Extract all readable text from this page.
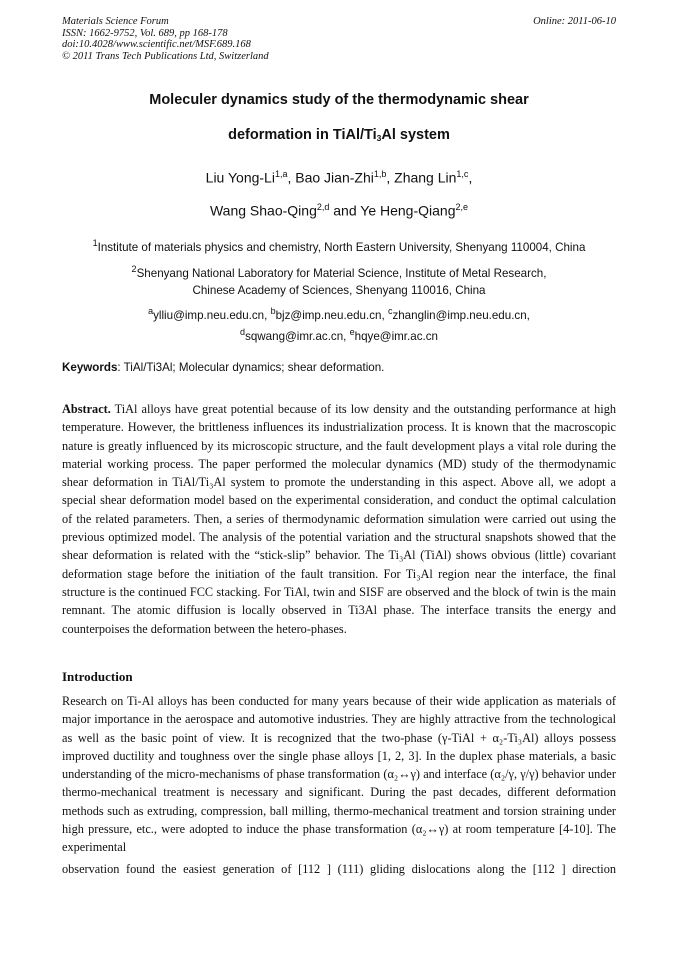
Materials Science Forum
ISSN: 1662-9752, Vol. 689, pp 168-178
doi:10.4028/www.scientific.net/MSF.689.168
© 2011 Trans Tech Publications Ltd, Switzerland
Online: 2011-06-10
Moleculer dynamics study of the thermodynamic shear
deformation in TiAl/$Ti_3Al$ system
Liu Yong-Li$^{1,a}$, Bao Jian-Zhi$^{1,b}$, Zhang Lin$^{1,c}$,
Wang Shao-Qing$^{2,d}$ and Ye Heng-Qiang$^{2,e}$
$^1$Institute of materials physics and chemistry, North Eastern University, Shenyang 110004, China
$^2$Shenyang National Laboratory for Material Science, Institute of Metal Research,
Chinese Academy of Sciences, Shenyang 110016, China
$^a$ylliu@imp.neu.edu.cn, $^b$bjz@imp.neu.edu.cn, $^c$zhanglin@imp.neu.edu.cn,
$^d$sqwang@imr.ac.cn, $^e$hqye@imr.ac.cn
Keywords: TiAl/Ti3Al; Molecular dynamics; shear deformation.
Abstract. TiAl alloys have great potential because of its low density and the outstanding performance at high temperature. However, the brittleness influences its industrialization process. It is known that the macroscopic nature is greatly influenced by its microscopic structure, and the fault development plays a vital role during the material working process. The paper performed the molecular dynamics (MD) study of the thermodynamic shear deformation in TiAl/Ti₃Al system to promote the understanding in this aspect. Above all, we adopt a special shear deformation model based on the experimental consideration, and conduct the optimal calculation of the related parameters. Then, a series of thermodynamic deformation simulation were carried out using the previous optimized model. The analysis of the potential variation and the structural snapshots showed that the shear deformation is related with the “stick-slip” behavior. The Ti₃Al (TiAl) shows obvious (little) covariant deformation stage before the initiation of the fault transition. For Ti₃Al region near the interface, the final structure is the continued FCC stacking. For TiAl, twin and SISF are observed and the block of twin is the main remnant. The atomic diffusion is locally observed in Ti3Al phase. The interface transits the energy and counterpoises the deformation between the hetero-phases.
Introduction
Research on Ti-Al alloys has been conducted for many years because of their wide application as materials of major importance in the aerospace and automotive industries. They are highly attractive from the technological as well as the basic point of view. It is recognized that the two-phase (γ-TiAl + α₂-Ti₃Al) alloys possess improved ductility and toughness over the single phase alloys [1, 2, 3]. In the duplex phase materials, a basic understanding of the micro-mechanisms of phase transformation (α₂↔γ) and interface (α₂/γ, γ/γ) behavior under thermo-mechanical treatment is necessary and significant. During the past decades, different deformation methods such as extruding, compression, ball milling, thermo-mechanical treatment and torsion straining under high pressure, etc., were adopted to induce the phase transformation (α₂↔γ) at room temperature [4-10]. The experimental
observation found the easiest generation of [112 ] (111) gliding dislocations along the [112 ] direction
